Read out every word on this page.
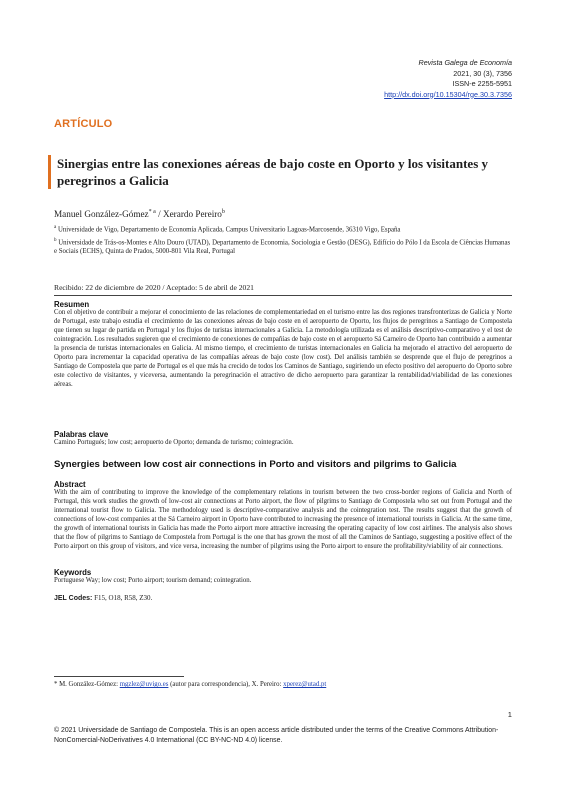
Revista Galega de Economía
2021, 30 (3), 7356
ISSN-e 2255-5951
http://dx.doi.org/10.15304/rge.30.3.7356
ARTÍCULO
Sinergias entre las conexiones aéreas de bajo coste en Oporto y los visitantes y peregrinos a Galicia
Manuel González-Gómez$^{* a}$ / Xerardo Pereiro$^b$
$^a$ Universidade de Vigo, Departamento de Economía Aplicada, Campus Universitario Lagoas-Marcosende, 36310 Vigo, España
$^b$ Universidade de Trás-os-Montes e Alto Douro (UTAD), Departamento de Economia, Sociologia e Gestão (DESG), Edifício do Pólo I da Escola de Ciências Humanas e Sociais (ECHS), Quinta de Prados, 5000-801 Vila Real, Portugal
Recibido: 22 de diciembre de 2020 / Aceptado: 5 de abril de 2021
Resumen
Con el objetivo de contribuir a mejorar el conocimiento de las relaciones de complementariedad en el turismo entre las dos regiones transfronterizas de Galicia y Norte de Portugal, este trabajo estudia el crecimiento de las conexiones aéreas de bajo coste en el aeropuerto de Oporto, los flujos de peregrinos a Santiago de Compostela que tienen su lugar de partida en Portugal y los flujos de turistas internacionales a Galicia. La metodología utilizada es el análisis descriptivo-comparativo y el test de cointegración. Los resultados sugieren que el crecimiento de conexiones de compañías de bajo coste en el aeropuerto Sá Carneiro de Oporto han contribuido a aumentar la presencia de turistas internacionales en Galicia. Al mismo tiempo, el crecimiento de turistas internacionales en Galicia ha mejorado el atractivo del aeropuerto de Oporto para incrementar la capacidad operativa de las compañías aéreas de bajo coste (low cost). Del análisis también se desprende que el flujo de peregrinos a Santiago de Compostela que parte de Portugal es el que más ha crecido de todos los Caminos de Santiago, sugiriendo un efecto positivo del aeropuerto do Oporto sobre este colectivo de visitantes, y viceversa, aumentando la peregrinación el atractivo de dicho aeropuerto para garantizar la rentabilidad/viabilidad de las conexiones aéreas.
Palabras clave
Camino Portugués; low cost; aeropuerto de Oporto; demanda de turismo; cointegración.
Synergies between low cost air connections in Porto and visitors and pilgrims to Galicia
Abstract
With the aim of contributing to improve the knowledge of the complementary relations in tourism between the two cross-border regions of Galicia and North of Portugal, this work studies the growth of low-cost air connections at Porto airport, the flow of pilgrims to Santiago de Compostela who set out from Portugal and the international tourist flow to Galicia. The methodology used is descriptive-comparative analysis and the cointegration test. The results suggest that the growth of connections of low-cost companies at the Sá Carneiro airport in Oporto have contributed to increasing the presence of international tourists in Galicia. At the same time, the growth of international tourists in Galicia has made the Porto airport more attractive increasing the operating capacity of low cost airlines. The analysis also shows that the flow of pilgrims to Santiago de Compostela from Portugal is the one that has grown the most of all the Caminos de Santiago, suggesting a positive effect of the Porto airport on this group of visitors, and vice versa, increasing the number of pilgrims using the Porto airport to ensure the profitability/viability of air connections.
Keywords
Portuguese Way; low cost; Porto airport; tourism demand; cointegration.
JEL Codes: F15, O18, R58, Z30.
* M. González-Gómez: mgzlez@uvigo.es (autor para correspondencia), X. Pereiro: xperez@utad.pt
1
© 2021 Universidade de Santiago de Compostela. This is an open access article distributed under the terms of the Creative Commons Attribution-NonComercial-NoDerivatives 4.0 International (CC BY-NC-ND 4.0) license.
